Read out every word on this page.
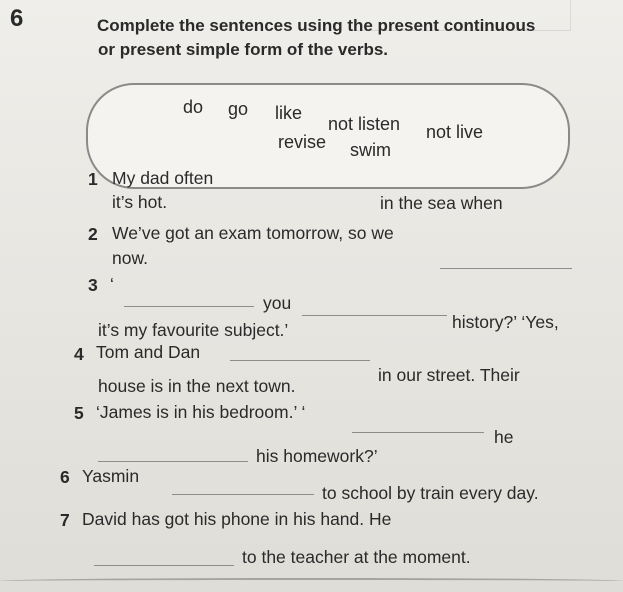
6	Complete the sentences using the present continuous
or present simple form of the verbs.
do go like
not listen not live
revise swim
1 My dad often
in the sea when
it’s hot.
2 We’ve got an exam tomorrow, so we
now.
3 ‘
you
history?’ ‘Yes,
it’s my favourite subject.’
4 Tom and Dan
in our street. Their
house is in the next town.
5 ‘James is in his bedroom.’ ‘
he
his homework?’
6 Yasmin
to school by train every day.
7 David has got his phone in his hand. He
to the teacher at the moment.
